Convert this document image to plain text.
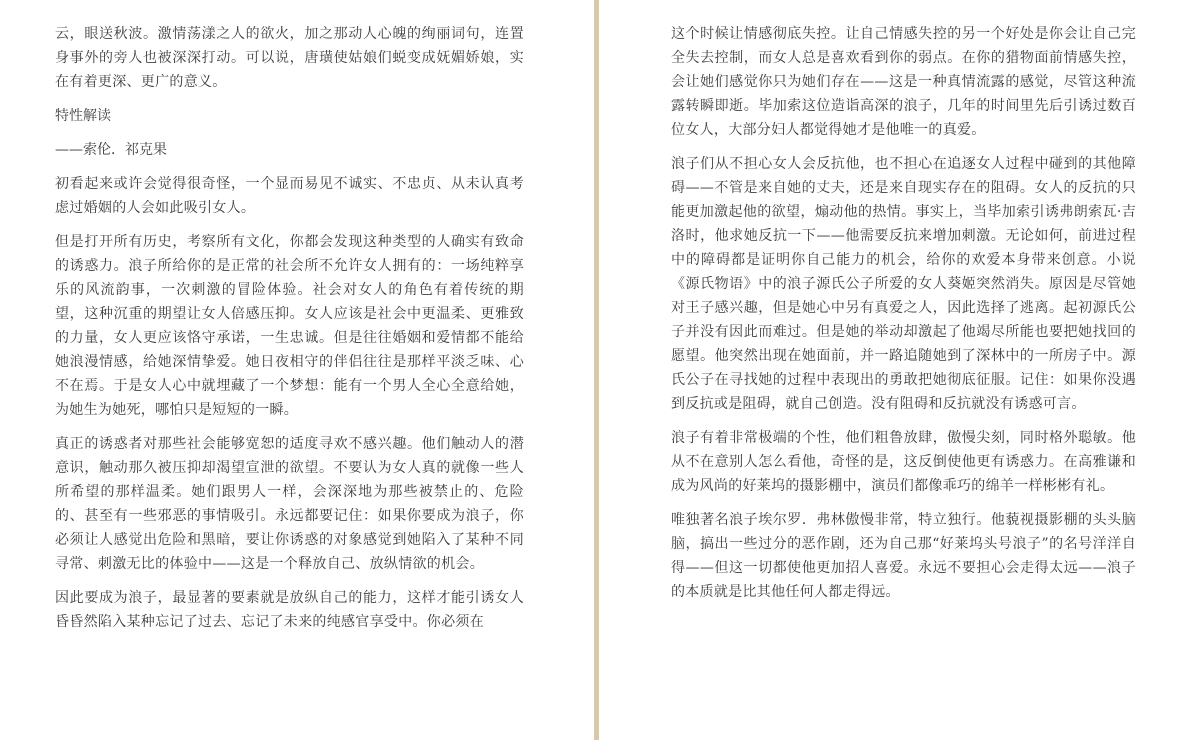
云，眼送秋波。激情荡漾之人的欲火，加之那动人心魄的绚丽词句，连置身事外的旁人也被深深打动。可以说，唐璜使姑娘们蜕变成妩媚娇娘，实在有着更深、更广的意义。

特性解读

——索伦．祁克果

初看起来或许会觉得很奇怪，一个显而易见不诚实、不忠贞、从未认真考虑过婚姻的人会如此吸引女人。

但是打开所有历史，考察所有文化，你都会发现这种类型的人确实有致命的诱惑力。浪子所给你的是正常的社会所不允许女人拥有的：一场纯粹享乐的风流韵事，一次刺激的冒险体验。社会对女人的角色有着传统的期望，这种沉重的期望让女人倍感压抑。女人应该是社会中更温柔、更雅致的力量，女人更应该恪守承诺，一生忠诚。但是往往婚姻和爱情都不能给她浪漫情感，给她深情挚爱。她日夜相守的伴侣往往是那样平淡乏味、心不在焉。于是女人心中就埋藏了一个梦想：能有一个男人全心全意给她，为她生为她死，哪怕只是短短的一瞬。

真正的诱惑者对那些社会能够宽恕的适度寻欢不感兴趣。他们触动人的潜意识，触动那久被压抑却渴望宣泄的欲望。不要认为女人真的就像一些人所希望的那样温柔。她们跟男人一样，会深深地为那些被禁止的、危险的、甚至有一些邪恶的事情吸引。永远都要记住：如果你要成为浪子，你必须让人感觉出危险和黑暗，要让你诱惑的对象感觉到她陷入了某种不同寻常、刺激无比的体验中——这是一个释放自己、放纵情欲的机会。

因此要成为浪子，最显著的要素就是放纵自己的能力，这样才能引诱女人昏昏然陷入某种忘记了过去、忘记了未来的纯感官享受中。你必须在

这个时候让情感彻底失控。让自己情感失控的另一个好处是你会让自己完全失去控制，而女人总是喜欢看到你的弱点。在你的猎物面前情感失控，会让她们感觉你只为她们存在——这是一种真情流露的感觉，尽管这种流露转瞬即逝。毕加索这位造诣高深的浪子，几年的时间里先后引诱过数百位女人，大部分妇人都觉得她才是他唯一的真爱。

浪子们从不担心女人会反抗他，也不担心在追逐女人过程中碰到的其他障碍——不管是来自她的丈夫，还是来自现实存在的阻碍。女人的反抗的只能更加激起他的欲望，煽动他的热情。事实上，当毕加索引诱弗朗索瓦·吉洛时，他求她反抗一下——他需要反抗来增加刺激。无论如何，前进过程中的障碍都是证明你自己能力的机会，给你的欢爱本身带来创意。小说《源氏物语》中的浪子源氏公子所爱的女人葵姬突然消失。原因是尽管她对王子感兴趣，但是她心中另有真爱之人，因此选择了逃离。起初源氏公子并没有因此而难过。但是她的举动却激起了他竭尽所能也要把她找回的愿望。他突然出现在她面前，并一路追随她到了深林中的一所房子中。源氏公子在寻找她的过程中表现出的勇敢把她彻底征服。记住：如果你没遇到反抗或是阻碍，就自己创造。没有阻碍和反抗就没有诱惑可言。

浪子有着非常极端的个性，他们粗鲁放肆，傲慢尖刻，同时格外聪敏。他从不在意别人怎么看他，奇怪的是，这反倒使他更有诱惑力。在高雅谦和成为风尚的好莱坞的摄影棚中，演员们都像乖巧的绵羊一样彬彬有礼。

唯独著名浪子埃尔罗．弗林傲慢非常，特立独行。他藐视摄影棚的头头脑脑，搞出一些过分的恶作剧，还为自己那“好莱坞头号浪子”的名号洋洋自得——但这一切都使他更加招人喜爱。永远不要担心会走得太远——浪子的本质就是比其他任何人都走得远。
